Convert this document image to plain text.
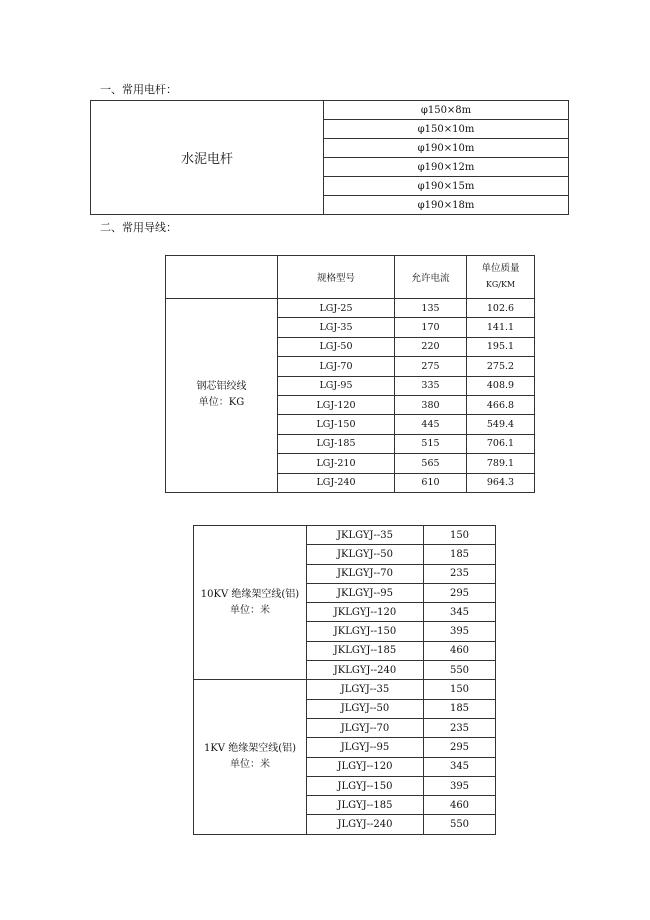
一、常用电杆：
水泥电杆	φ150×8m
φ150×10m
φ190×10m
φ190×12m
φ190×15m
φ190×18m
二、常用导线：
	规格型号	允许电流	单位质量
KG/KM

钢芯铝绞线
单位：KG	LGJ-25	135	102.6
	LGJ-35	170	141.1
	LGJ-50	220	195.1
	LGJ-70	275	275.2
	LGJ-95	335	408.9
	LGJ-120	380	466.8
	LGJ-150	445	549.4
	LGJ-185	515	706.1
	LGJ-210	565	789.1
	LGJ-240	610	964.3
10KV 绝缘架空线(铝)
单位：米	JKLGYJ--35	150
	JKLGYJ--50	185
	JKLGYJ--70	235
	JKLGYJ--95	295
	JKLGYJ--120	345
	JKLGYJ--150	395
	JKLGYJ--185	460
	JKLGYJ--240	550

1KV 绝缘架空线(铝)
单位：米	JLGYJ--35	150
	JLGYJ--50	185
	JLGYJ--70	235
	JLGYJ--95	295
	JLGYJ--120	345
	JLGYJ--150	395
	JLGYJ--185	460
	JLGYJ--240	550
